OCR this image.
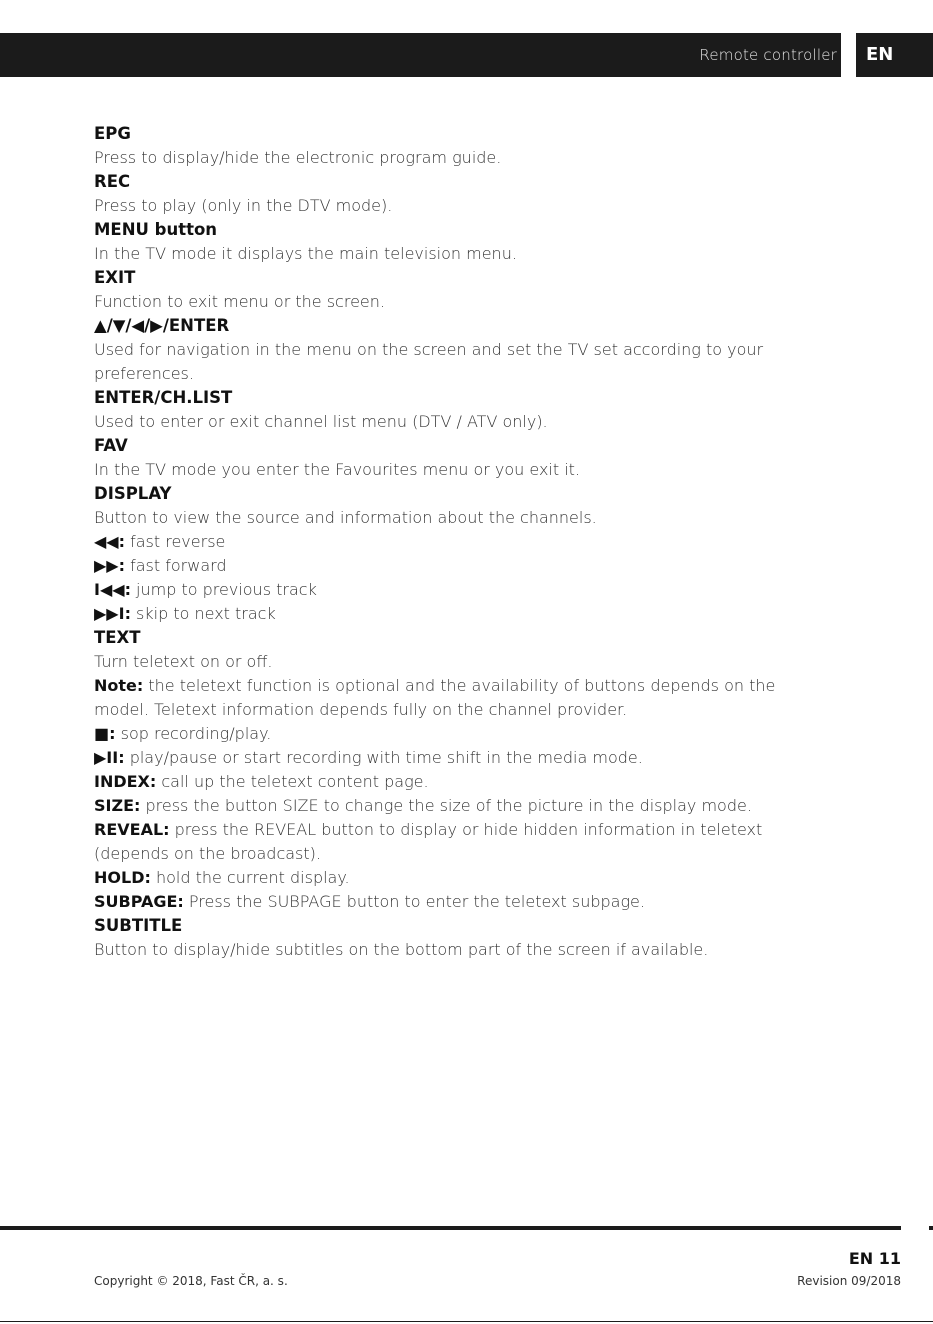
Remote controller EN
EPG
Press to display/hide the electronic program guide.
REC
Press to play (only in the DTV mode).
MENU button
In the TV mode it displays the main television menu.
EXIT
Function to exit menu or the screen.
▲/▼/◀/▶/ENTER
Used for navigation in the menu on the screen and set the TV set according to your preferences.
ENTER/CH.LIST
Used to enter or exit channel list menu (DTV / ATV only).
FAV
In the TV mode you enter the Favourites menu or you exit it.
DISPLAY
Button to view the source and information about the channels.
◀◀: fast reverse
▶▶: fast forward
I◀◀: jump to previous track
▶▶I: skip to next track
TEXT
Turn teletext on or off.
Note: the teletext function is optional and the availability of buttons depends on the model. Teletext information depends fully on the channel provider.
■: sop recording/play.
▶II: play/pause or start recording with time shift in the media mode.
INDEX: call up the teletext content page.
SIZE: press the button SIZE to change the size of the picture in the display mode.
REVEAL: press the REVEAL button to display or hide hidden information in teletext (depends on the broadcast).
HOLD: hold the current display.
SUBPAGE: Press the SUBPAGE button to enter the teletext subpage.
SUBTITLE
Button to display/hide subtitles on the bottom part of the screen if available.
EN 11
Copyright © 2018, Fast ČR, a. s.	Revision 09/2018
